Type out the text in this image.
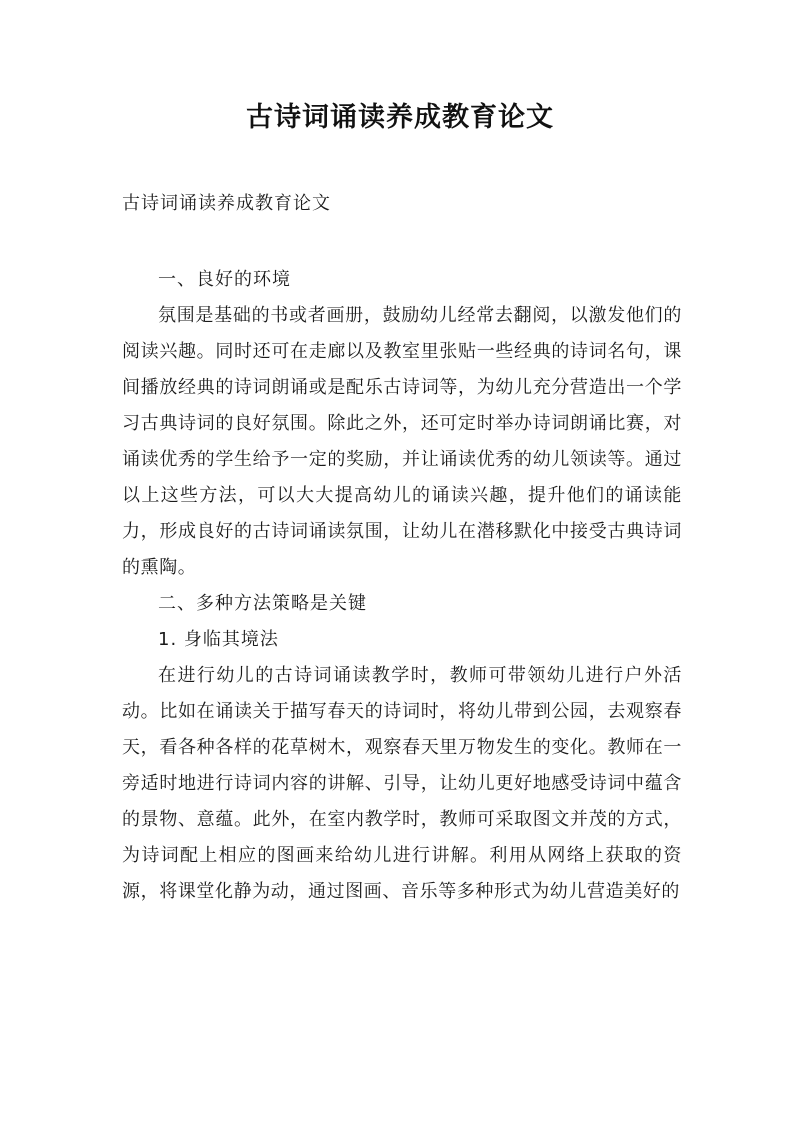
古诗词诵读养成教育论文
古诗词诵读养成教育论文

一、良好的环境

氛围是基础的书或者画册，鼓励幼儿经常去翻阅，以激发他们的阅读兴趣。同时还可在走廊以及教室里张贴一些经典的诗词名句，课间播放经典的诗词朗诵或是配乐古诗词等，为幼儿充分营造出一个学习古典诗词的良好氛围。除此之外，还可定时举办诗词朗诵比赛，对诵读优秀的学生给予一定的奖励，并让诵读优秀的幼儿领读等。通过以上这些方法，可以大大提高幼儿的诵读兴趣，提升他们的诵读能力，形成良好的古诗词诵读氛围，让幼儿在潜移默化中接受古典诗词的熏陶。

二、多种方法策略是关键

1. 身临其境法

在进行幼儿的古诗词诵读教学时，教师可带领幼儿进行户外活动。比如在诵读关于描写春天的诗词时，将幼儿带到公园，去观察春天，看各种各样的花草树木，观察春天里万物发生的变化。教师在一旁适时地进行诗词内容的讲解、引导，让幼儿更好地感受诗词中蕴含的景物、意蕴。此外，在室内教学时，教师可采取图文并茂的方式，为诗词配上相应的图画来给幼儿进行讲解。利用从网络上获取的资源，将课堂化静为动，通过图画、音乐等多种形式为幼儿营造美好的
